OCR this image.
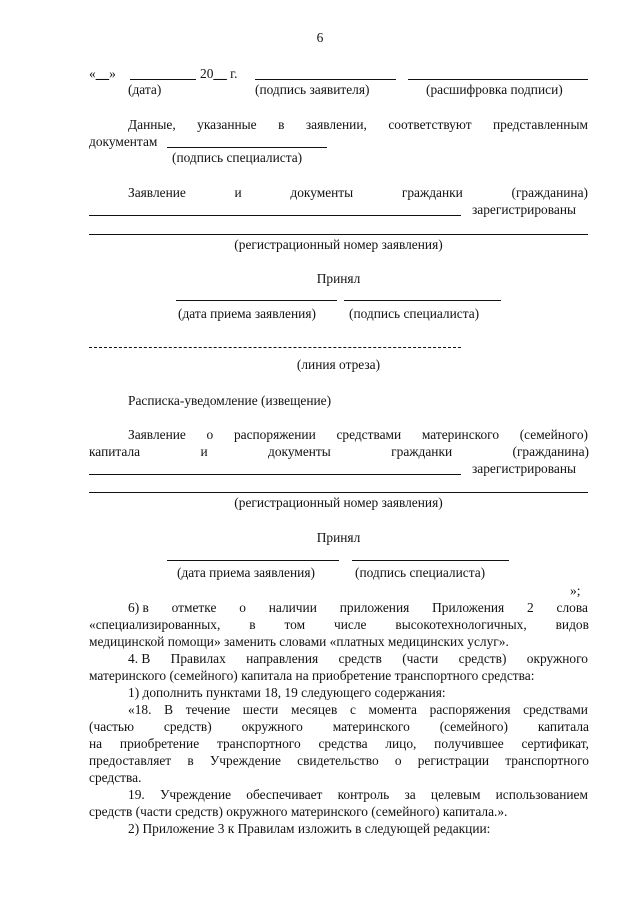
6
«__»	20__ г.
(дата)	(подпись заявителя)	(расшифровка подписи)
Данные, указанные в заявлении, соответствуют представленным
документам
(подпись специалиста)
Заявление	и	документы	гражданки	(гражданина)
зарегистрированы
(регистрационный номер заявления)
Принял
(дата приема заявления) (подпись специалиста)
(линия отреза)
Расписка-уведомление (извещение)
Заявление о распоряжении средствами материнского (семейного)
капитала	и	документы	гражданки	(гражданина)
зарегистрированы
(регистрационный номер заявления)
Принял
(дата приема заявления)	(подпись специалиста)
»;
6) в отметке о наличии приложения Приложения 2 слова
«специализированных, в том числе высокотехнологичных, видов
медицинской помощи» заменить словами «платных медицинских услуг».
4. В Правилах направления средств (части средств) окружного
материнского (семейного) капитала на приобретение транспортного средства:
1) дополнить пунктами 18, 19 следующего содержания:
«18. В течение шести месяцев с момента распоряжения средствами
(частью средств) окружного материнского (семейного) капитала
на приобретение транспортного средства лицо, получившее сертификат,
предоставляет в Учреждение свидетельство о регистрации транспортного
средства.
19. Учреждение обеспечивает контроль за целевым использованием
средств (части средств) окружного материнского (семейного) капитала.».
2) Приложение 3 к Правилам изложить в следующей редакции:
